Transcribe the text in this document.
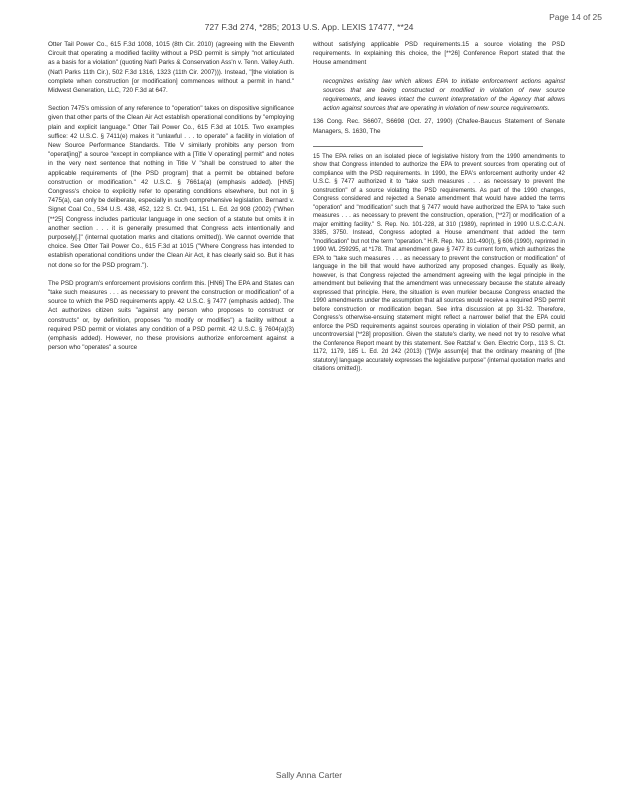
Page 14 of 25
727 F.3d 274, *285; 2013 U.S. App. LEXIS 17477, **24

Otter Tail Power Co., 615 F.3d 1008, 1015 (8th Cir. 2010) (agreeing with the Eleventh Circuit that operating a modified facility without a PSD permit is simply "not articulated as a basis for a violation" (quoting Nat'l Parks & Conservation Ass'n v. Tenn. Valley Auth. (Nat'l Parks 11th Cir.), 502 F.3d 1316, 1323 (11th Cir. 2007))). Instead, "[the violation is complete when construction [or modification] commences without a permit in hand." Midwest Generation, LLC, 720 F.3d at 647.

Section 7475's omission of any reference to "operation" takes on dispositive significance given that other parts of the Clean Air Act establish operational conditions by "employing plain and explicit language." Otter Tail Power Co., 615 F.3d at 1015. Two examples suffice: 42 U.S.C. § 7411(e) makes it "unlawful . . . to operate" a facility in violation of New Source Performance Standards. Title V similarly prohibits any person from "operat[ing]" a source "except in compliance with a [Title V operating] permit" and notes in the very next sentence that nothing in Title V "shall be construed to alter the applicable requirements of [the PSD program] that a permit be obtained before construction or modification." 42 U.S.C. § 7661a(a) (emphasis added). [HN5] Congress's choice to explicitly refer to operating conditions elsewhere, but not in § 7475(a), can only be deliberate, especially in such comprehensive legislation. Bernard v. Signet Coal Co., 534 U.S. 438, 452, 122 S. Ct. 941, 151 L. Ed. 2d 908 (2002) ("When [**25] Congress includes particular language in one section of a statute but omits it in another section . . . it is generally presumed that Congress acts intentionally and purposely[.]" (internal quotation marks and citations omitted)). We cannot override that choice. See Otter Tail Power Co., 615 F.3d at 1015 ("Where Congress has intended to establish operational conditions under the Clean Air Act, it has clearly said so. But it has not done so for the PSD program.").

The PSD program's enforcement provisions confirm this. [HN6] The EPA and States can "take such measures . . . as necessary to prevent the construction or modification" of a source to which the PSD requirements apply. 42 U.S.C. § 7477 (emphasis added). The Act authorizes citizen suits "against any person who proposes to construct or constructs" or, by definition, proposes "to modify or modifies") a facility without a required PSD permit or violates any condition of a PSD permit. 42 U.S.C. § 7604(a)(3) (emphasis added). However, no these provisions authorize enforcement against a person who "operates" a source

without satisfying applicable PSD requirements.15 a source violating the PSD requirements. In explaining this choice, the [**26] Conference Report stated that the House amendment

recognizes existing law which allows EPA to initiate enforcement actions against sources that are being constructed or modified in violation of new source requirements, and leaves intact the current interpretation of the Agency that allows action against sources that are operating in violation of new source requirements.

136 Cong. Rec. S6607, S6698 (Oct. 27, 1990) (Chafee-Baucus Statement of Senate Managers, S. 1630, The

15 The EPA relies on an isolated piece of legislative history from the 1990 amendments to show that Congress intended to authorize the EPA to prevent sources from operating out of compliance with the PSD requirements. In 1990, the EPA's enforcement authority under 42 U.S.C. § 7477 authorized it to "take such measures . . . as necessary to prevent the construction" of a source violating the PSD requirements. As part of the 1990 changes, Congress considered and rejected a Senate amendment that would have added the terms "operation" and "modification" such that § 7477 would have authorized the EPA to "take such measures . . . as necessary to prevent the construction, operation, [**27] or modification of a major emitting facility." S. Rep. No. 101-228, at 310 (1989), reprinted in 1990 U.S.C.C.A.N. 3385, 3750. Instead, Congress adopted a House amendment that added the term "modification" but not the term "operation." H.R. Rep. No. 101-490(I), § 606 (1990), reprinted in 1990 WL 259295, at *178. That amendment gave § 7477 its current form, which authorizes the EPA to "take such measures . . . as necessary to prevent the construction or modification" of language in the bill that would have authorized any proposed changes. Equally as likely, however, is that Congress rejected the amendment agreeing with the legal principle in the amendment but believing that the amendment was unnecessary because the statute already expressed that principle. Here, the situation is even murkier because Congress enacted the 1990 amendments under the assumption that all sources would receive a required PSD permit before construction or modification began. See infra discussion at pp 31-32. Therefore, Congress's otherwise-ensuing statement might reflect a narrower belief that the EPA could enforce the PSD requirements against sources operating in violation of their PSD permit, an uncontroversial [**28] proposition. Given the statute's clarity, we need not try to resolve what the Conference Report meant by this statement. See Ratzlaf v. Gen. Electric Corp., 113 S. Ct. 1172, 1179, 185 L. Ed. 2d 242 (2013) ("[W]e assum[e] that the ordinary meaning of [the statutory] language accurately expresses the legislative purpose" (internal quotation marks and citations omitted)).

Sally Anna Carter
